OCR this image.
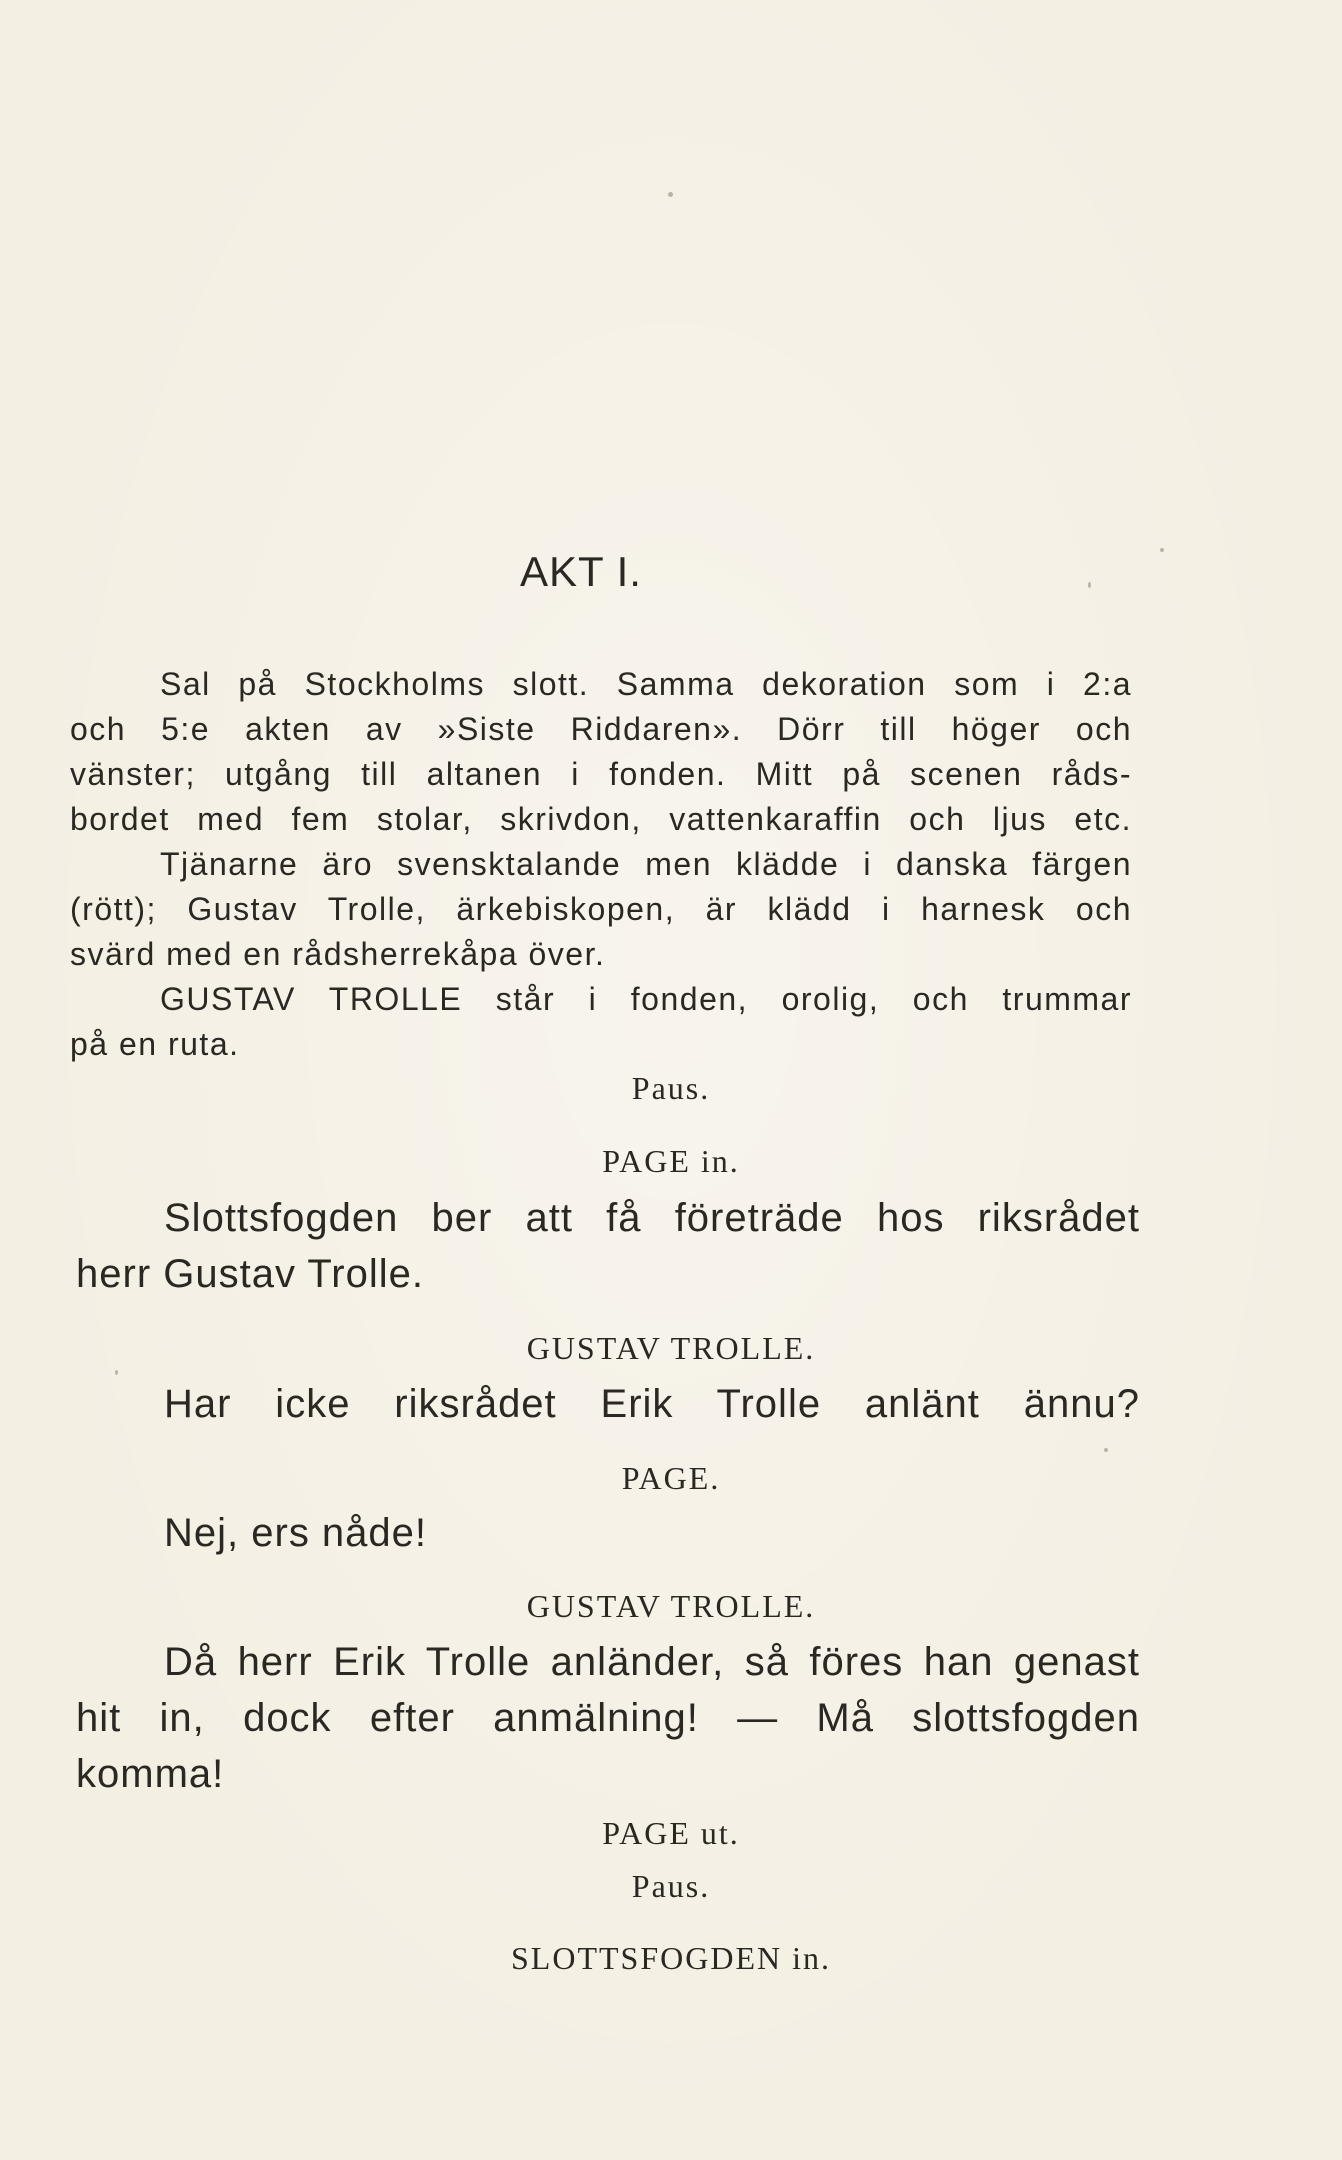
AKT I.
Sal på Stockholms slott. Samma dekoration som i 2:a
och 5:e akten av »Siste Riddaren». Dörr till höger och
vänster; utgång till altanen i fonden. Mitt på scenen råds-
bordet med fem stolar, skrivdon, vattenkaraffin och ljus etc.
Tjänarne äro svensktalande men klädde i danska färgen
(rött); Gustav Trolle, ärkebiskopen, är klädd i harnesk och
svärd med en rådsherrekåpa över.
GUSTAV TROLLE står i fonden, orolig, och trummar
på en ruta.
Paus.
PAGE in.
Slottsfogden ber att få företräde hos riksrådet
herr Gustav Trolle.
GUSTAV TROLLE.
Har icke riksrådet Erik Trolle anlänt ännu?
PAGE.
Nej, ers nåde!
GUSTAV TROLLE.
Då herr Erik Trolle anländer, så föres han genast
hit in, dock efter anmälning! — Må slottsfogden
komma!
PAGE ut.
Paus.
SLOTTSFOGDEN in.
